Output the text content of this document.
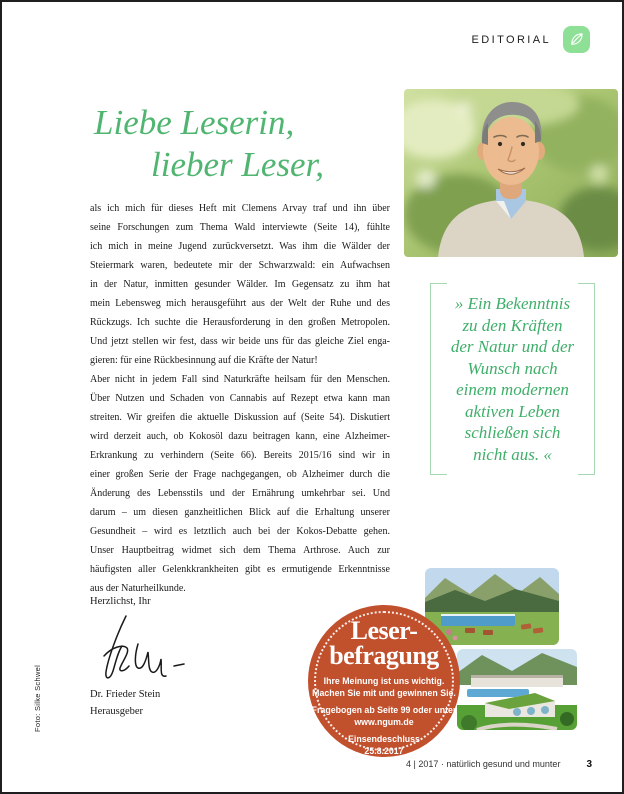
EDITORIAL
Liebe Leserin,
lieber Leser,
als ich mich für dieses Heft mit Clemens Arvay traf und ihn über
seine Forschungen zum Thema Wald interviewte (Seite 14), fühlte
ich mich in meine Jugend zurückversetzt. Was ihm die Wälder der
Steiermark waren, bedeutete mir der Schwarzwald: ein Aufwachsen
in der Natur, inmitten gesunder Wälder. Im Gegensatz zu ihm hat
mein Lebensweg mich herausgeführt aus der Welt der Ruhe und des
Rückzugs. Ich suchte die Herausforderung in den großen Metropolen.
Und jetzt stellen wir fest, dass wir beide uns für das gleiche Ziel enga-
gieren: für eine Rückbesinnung auf die Kräfte der Natur!
Aber nicht in jedem Fall sind Naturkräfte heilsam für den Menschen.
Über Nutzen und Schaden von Cannabis auf Rezept etwa kann man
streiten. Wir greifen die aktuelle Diskussion auf (Seite 54). Diskutiert
wird derzeit auch, ob Kokosöl dazu beitragen kann, eine Alzheimer-
Erkrankung zu verhindern (Seite 66). Bereits 2015/16 sind wir in
einer großen Serie der Frage nachgegangen, ob Alzheimer durch die
Änderung des Lebensstils und der Ernährung umkehrbar sei. Und
darum – um diesen ganzheitlichen Blick auf die Erhaltung unserer
Gesundheit – wird es letztlich auch bei der Kokos-Debatte gehen.
Unser Hauptbeitrag widmet sich dem Thema Arthrose. Auch zur
häufigsten aller Gelenkkrankheiten gibt es ermutigende Erkenntnisse
aus der Naturheilkunde.
» Ein Bekenntnis
zu den Kräften
der Natur und der
Wunsch nach
einem modernen
aktiven Leben
schließen sich
nicht aus. «
Herzlichst, Ihr
Dr. Frieder Stein
Herausgeber
Leser-
befragung
Ihre Meinung ist uns wichtig.
Machen Sie mit und gewinnen Sie.
Fragebogen ab Seite 99 oder unter
www.ngum.de
Einsendeschluss
25.8.2017
4 | 2017 · natürlich gesund und munter	3
Foto: Silke Schwel
